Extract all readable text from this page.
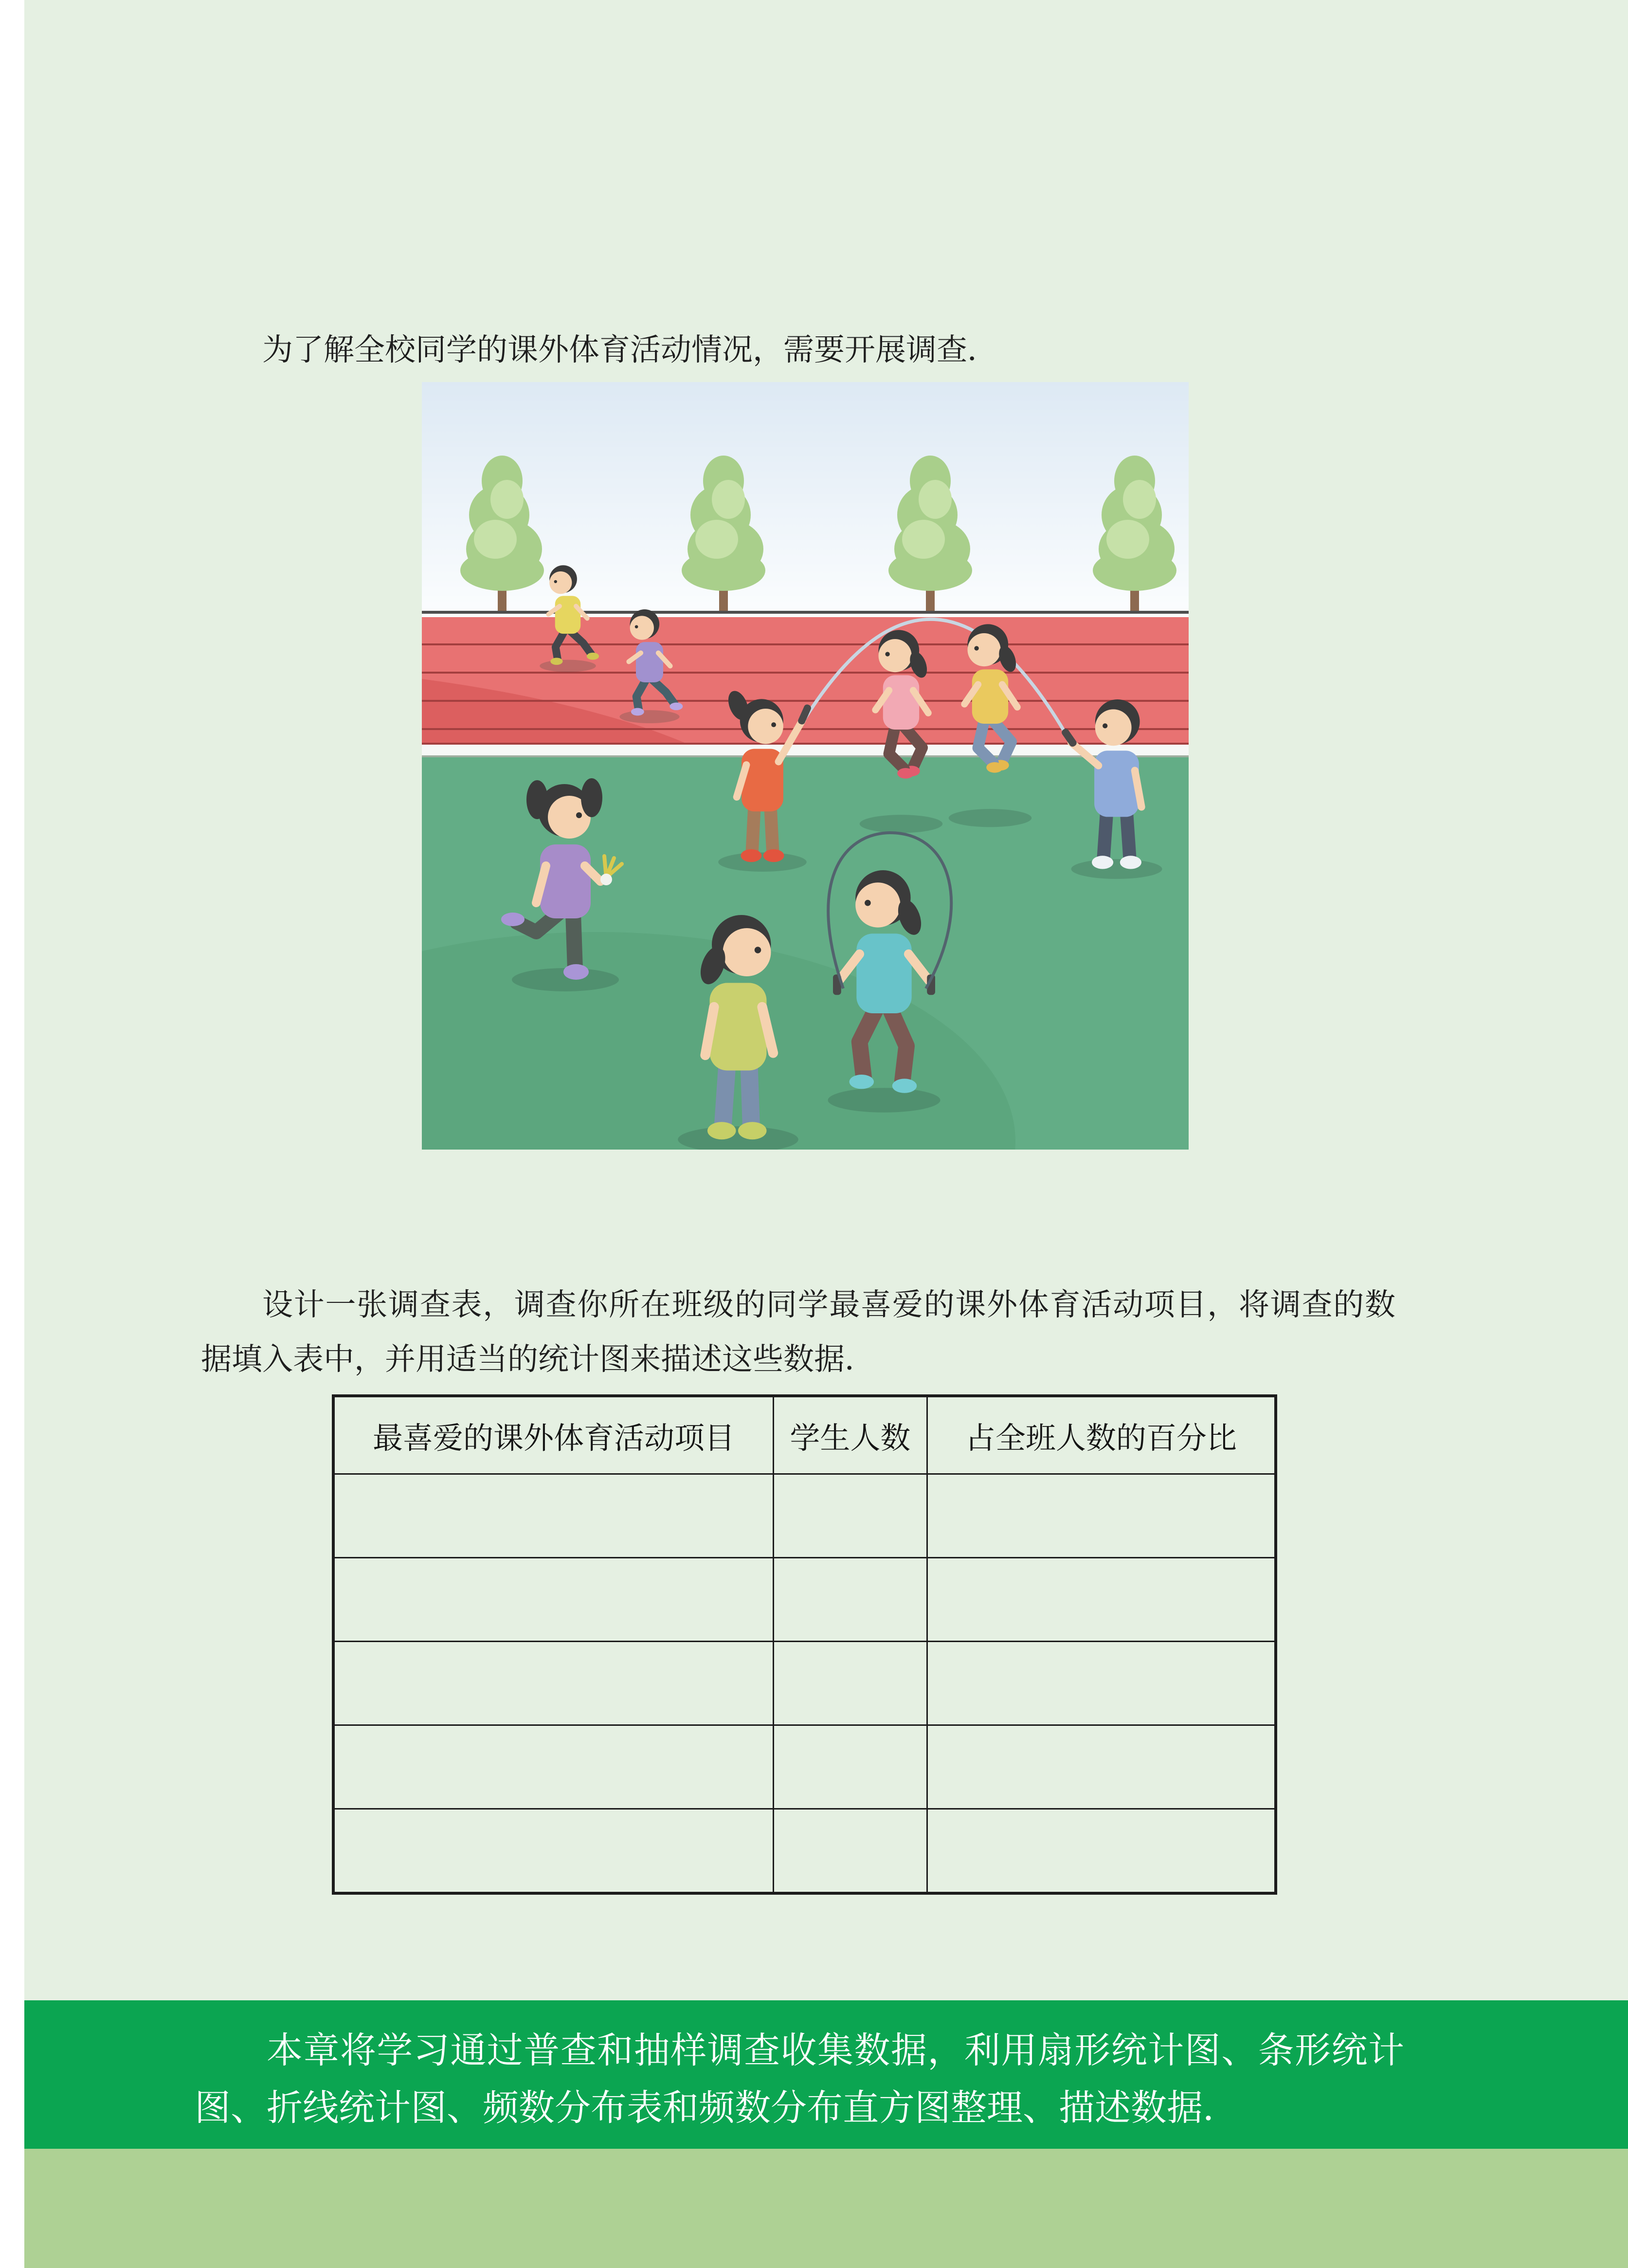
为了解全校同学的课外体育活动情况，需要开展调查．

设计一张调查表，调查你所在班级的同学最喜爱的课外体育活动项目，将调查的数据填入表中，并用适当的统计图来描述这些数据．

最喜爱的课外体育活动项目	学生人数	占全班人数的百分比

本章将学习通过普查和抽样调查收集数据，利用扇形统计图、条形统计图、折线统计图、频数分布表和频数分布直方图整理、描述数据．
